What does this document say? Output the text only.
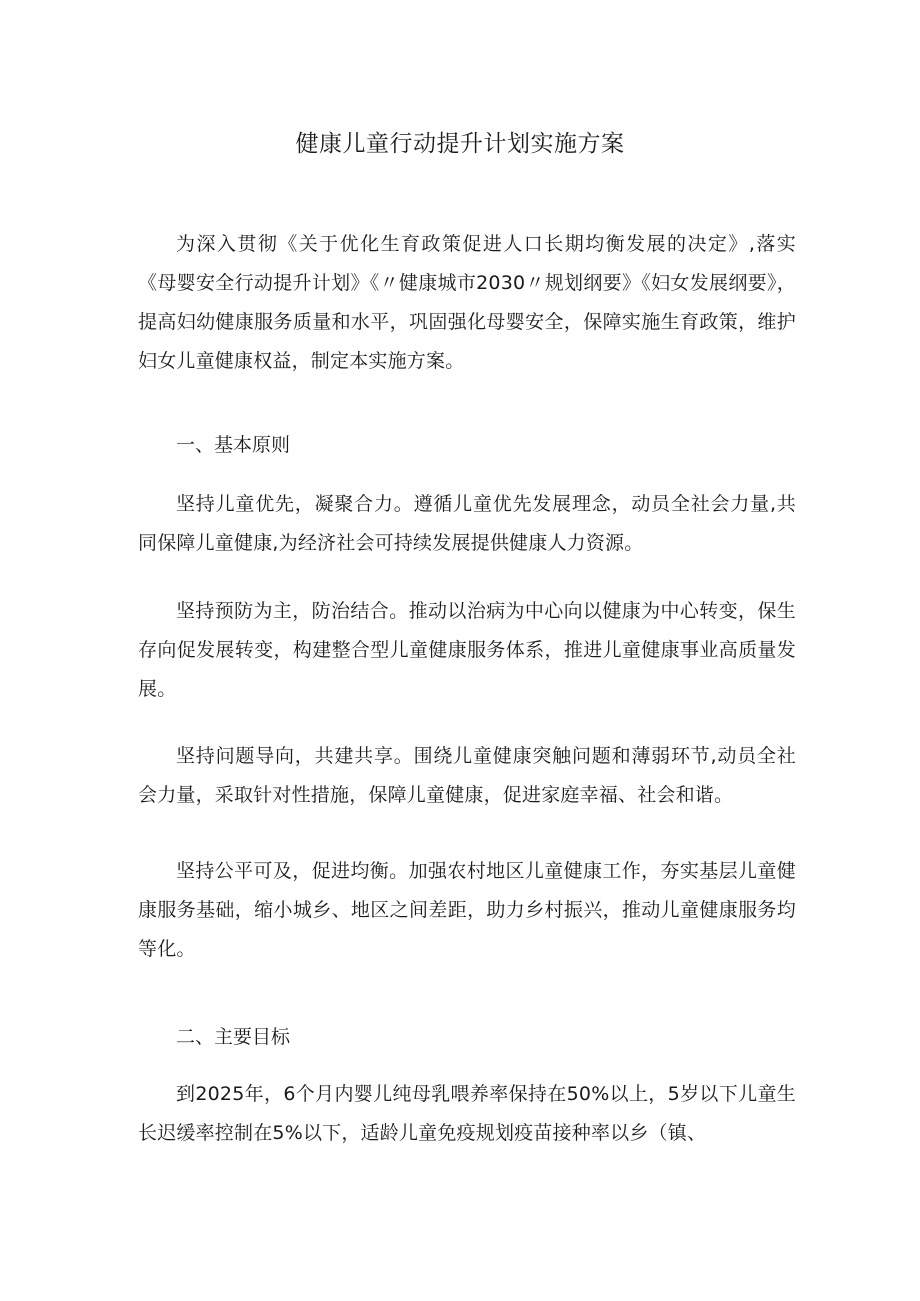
健康儿童行动提升计划实施方案
为深入贯彻《关于优化生育政策促进人口长期均衡发展的决定》,落实《母婴安全行动提升计划》《〃健康城市2030〃规划纲要》《妇女发展纲要》，提高妇幼健康服务质量和水平，巩固强化母婴安全，保障实施生育政策，维护妇女儿童健康权益，制定本实施方案。
一、基本原则
坚持儿童优先，凝聚合力。遵循儿童优先发展理念，动员全社会力量,共同保障儿童健康,为经济社会可持续发展提供健康人力资源。
坚持预防为主，防治结合。推动以治病为中心向以健康为中心转变，保生存向促发展转变，构建整合型儿童健康服务体系，推进儿童健康事业高质量发展。
坚持问题导向，共建共享。围绕儿童健康突触问题和薄弱环节,动员全社会力量，采取针对性措施，保障儿童健康，促进家庭幸福、社会和谐。
坚持公平可及，促进均衡。加强农村地区儿童健康工作，夯实基层儿童健康服务基础，缩小城乡、地区之间差距，助力乡村振兴，推动儿童健康服务均等化。
二、主要目标
到2025年，6个月内婴儿纯母乳喂养率保持在50%以上，5岁以下儿童生长迟缓率控制在5%以下，适龄儿童免疫规划疫苗接种率以乡（镇、
